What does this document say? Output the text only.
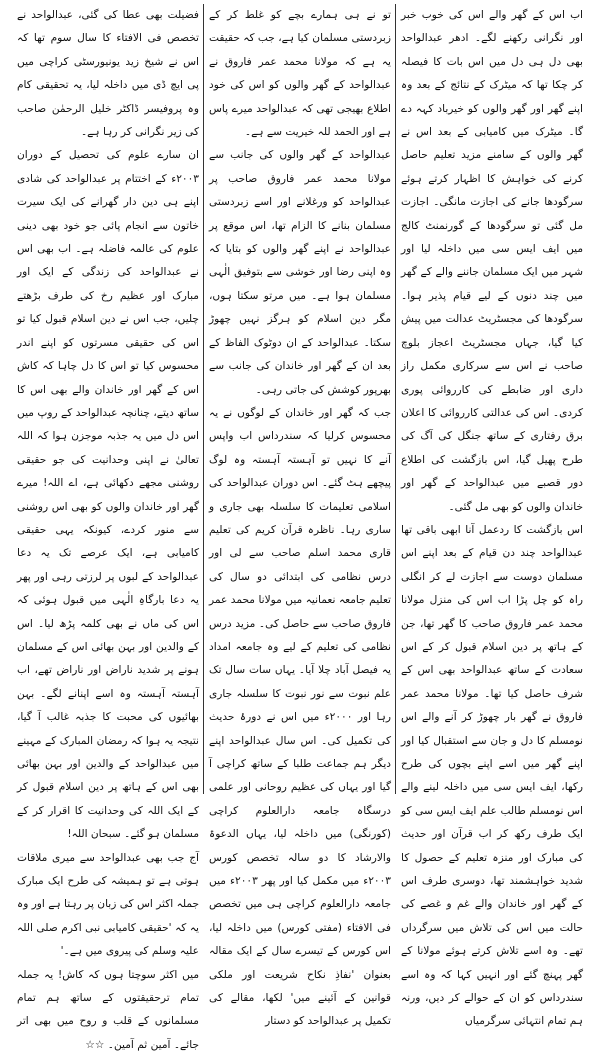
اب اس کے گھر والے اس کی خوب خبر اور نگرانی رکھنے لگے۔ ادھر عبدالواحد بھی دل ہی دل میں اس بات کا فیصلہ کر چکا تھا کہ میٹرک کے نتائج کے بعد وہ اپنے گھر اور گھر والوں کو خیرباد کہہ دے گا۔ میٹرک میں کامیابی کے بعد اس نے گھر والوں کے سامنے مزید تعلیم حاصل کرنے کی خواہش کا اظہار کرتے ہوئے سرگودھا جانے کی اجازت مانگی۔ اجازت مل گئی تو سرگودھا کے گورنمنٹ کالج میں ایف ایس سی میں داخلہ لیا اور شہر میں ایک مسلمان جاننے والے کے گھر میں چند دنوں کے لیے قیام پذیر ہوا۔ سرگودھا کی مجسٹریٹ عدالت میں پیش کیا گیا، جہاں مجسٹریٹ اعجاز بلوچ صاحب نے اس سے سرکاری مکمل راز داری اور ضابطے کی کارروائی پوری کردی۔ اس کی عدالتی کارروائی کا اعلان برق رفتاری کے ساتھ جنگل کی آگ کی طرح پھیل گیا، اس بازگشت کی اطلاع دور قصبے میں عبدالواحد کے گھر اور خاندان والوں کو بھی مل گئی۔

اس بازگشت کا ردعمل آنا ابھی باقی تھا عبدالواحد چند دن قیام کے بعد اپنے اس مسلمان دوست سے اجازت لے کر انگلی راہ کو چل پڑا اب اس کی منزل مولانا محمد عمر فاروق صاحب کا گھر تھا، جن کے ہاتھ پر دین اسلام قبول کر کے اس سعادت کے ساتھ عبدالواحد بھی اس کے شرف حاصل کیا تھا۔ مولانا محمد عمر فاروق نے گھر بار چھوڑ کر آنے والے اس نومسلم کا دل و جان سے استقبال کیا اور اپنے گھر میں اسے اپنے بچوں کی طرح رکھا، ایف ایس سی میں داخلہ لینے والے اس نومسلم طالب علم ایف ایس سی کو ایک طرف رکھ کر اب قرآن اور حدیث کی مبارک اور منزہ تعلیم کے حصول کا شدید خواہشمند تھا، دوسری طرف اس کے گھر اور خاندان والے غم و غصے کی حالت میں اس کی تلاش میں سرگرداں تھے۔ وہ اسے تلاش کرتے ہوئے مولانا کے گھر پہنچ گئے اور انہیں کہا کہ وہ اسے سندرداس کو ان کے حوالے کر دیں، ورنہ ہم تمام انتہائی سرگرمیاں

تو نے ہی ہمارے بچے کو غلط کر کے زبردستی مسلمان کیا ہے، جب کہ حقیقت یہ ہے کہ مولانا محمد عمر فاروق نے عبدالواحد کے گھر والوں کو اس کی خود اطلاع بھیجی تھی کہ عبدالواحد میرے پاس ہے اور الحمد للہ خیریت سے ہے۔

عبدالواحد کے گھر والوں کی جانب سے مولانا محمد عمر فاروق صاحب پر عبدالواحد کو ورغلانے اور اسے زبردستی مسلمان بنانے کا الزام تھا، اس موقع پر عبدالواحد نے اپنے گھر والوں کو بتایا کہ وہ اپنی رضا اور خوشی سے بتوفیق الٰہی مسلمان ہوا ہے۔ میں مرتو سکتا ہوں، مگر دین اسلام کو ہرگز نہیں چھوڑ سکتا۔ عبدالواحد کے ان دوٹوک الفاظ کے بعد ان کے گھر اور خاندان کی جانب سے بھرپور کوشش کی جاتی رہی۔

جب کہ گھر اور خاندان کے لوگوں نے یہ محسوس کرلیا کہ سندرداس اب واپس آنے کا نہیں تو آہستہ آہستہ وہ لوگ پیچھے ہٹ گئے۔ اس دوران عبدالواحد کی اسلامی تعلیمات کا سلسلہ بھی جاری و ساری رہا۔ ناظرہ قرآن کریم کی تعلیم قاری محمد اسلم صاحب سے لی اور درس نظامی کی ابتدائی دو سال کی تعلیم جامعہ نعمانیہ میں مولانا محمد عمر فاروق صاحب سے حاصل کی۔ مزید درس نظامی کی تعلیم کے لیے وہ جامعہ امداد یہ فیصل آباد چلا آیا۔ یہاں سات سال تک علم نبوت سے نور نبوت کا سلسلہ جاری رہا اور ۲۰۰۰ء میں اس نے دورۂ حدیث کی تکمیل کی۔ اس سال عبدالواحد اپنے دیگر ہم جماعت طلبا کے ساتھ کراچی آ گیا اور یہاں کی عظیم روحانی اور علمی درسگاہ جامعہ دارالعلوم کراچی (کورنگی) میں داخلہ لیا، یہاں الدعوۃ والارشاد کا دو سالہ تخصص کورس ۲۰۰۳ء میں مکمل کیا اور پھر ۲۰۰۳ء میں جامعہ دارالعلوم کراچی ہی میں تخصص فی الافتاء (مفتی کورس) میں داخلہ لیا، اس کورس کے تیسرے سال کے ایک مقالہ بعنوان 'نفاذِ نکاح شریعت اور ملکی قوانین کے آئینے میں' لکھا، مقالے کی تکمیل پر عبدالواحد کو دستار

فضیلت بھی عطا کی گئی، عبدالواحد نے تخصص فی الافتاء کا سال سوم تھا کہ اس نے شیخ زید یونیورسٹی کراچی میں پی ایچ ڈی میں داخلہ لیا، یہ تحقیقی کام وہ پروفیسر ڈاکٹر خلیل الرحمٰن صاحب کی زیر نگرانی کر رہا ہے۔

ان سارے علوم کی تحصیل کے دوران ۲۰۰۳ء کے اختتام پر عبدالواحد کی شادی اپنے ہی دین دار گھرانے کی ایک سیرت خاتون سے انجام پائی جو خود بھی دینی علوم کی عالمہ فاضلہ ہے۔ اب بھی اس نے عبدالواحد کی زندگی کے ایک اور مبارک اور عظیم رخ کی طرف بڑھتے چلیں، جب اس نے دین اسلام قبول کیا تو اس کی حقیقی مسرتوں کو اپنے اندر محسوس کیا تو اس کا دل چاہا کہ کاش اس کے گھر اور خاندان والے بھی اس کا ساتھ دیتے، چنانچہ عبدالواحد کے روپ میں اس دل میں یہ جذبہ موجزن ہوا کہ اللہ تعالیٰ نے اپنی وحدانیت کی جو حقیقی روشنی مجھے دکھائی ہے، اے اللہ! میرے گھر اور خاندان والوں کو بھی اس روشنی سے منور کردے، کیونکہ یہی حقیقی کامیابی ہے، ایک عرصے تک یہ دعا عبدالواحد کے لبوں پر لرزتی رہی اور پھر یہ دعا بارگاہِ الٰہی میں قبول ہوئی کہ اس کی ماں نے بھی کلمہ پڑھ لیا۔ اس کے والدین اور بہن بھائی اس کے مسلمان ہونے پر شدید ناراض اور ناراض تھے، اب آہستہ آہستہ وہ اسے اپنانے لگے۔ بہن بھائیوں کی محبت کا جذبہ غالب آ گیا، نتیجہ یہ ہوا کہ رمضان المبارک کے مہینے میں عبدالواحد کے والدین اور بہن بھائی بھی اس کے ہاتھ پر دین اسلام قبول کر کے ایک اللہ کی وحدانیت کا اقرار کر کے مسلمان ہو گئے۔ سبحان اللہ!

آج جب بھی عبدالواحد سے میری ملاقات ہوتی ہے تو ہمیشہ کی طرح ایک مبارک جملہ اکثر اس کی زبان پر رہتا ہے اور وہ یہ کہ 'حقیقی کامیابی نبی اکرم صلی اللہ علیہ وسلم کی پیروی میں ہے۔'

میں اکثر سوچتا ہوں کہ کاش! یہ جملہ تمام ترحقیقتوں کے ساتھ ہم تمام مسلمانوں کے قلب و روح میں بھی اتر جائے۔ آمین ثم آمین۔ ☆☆
